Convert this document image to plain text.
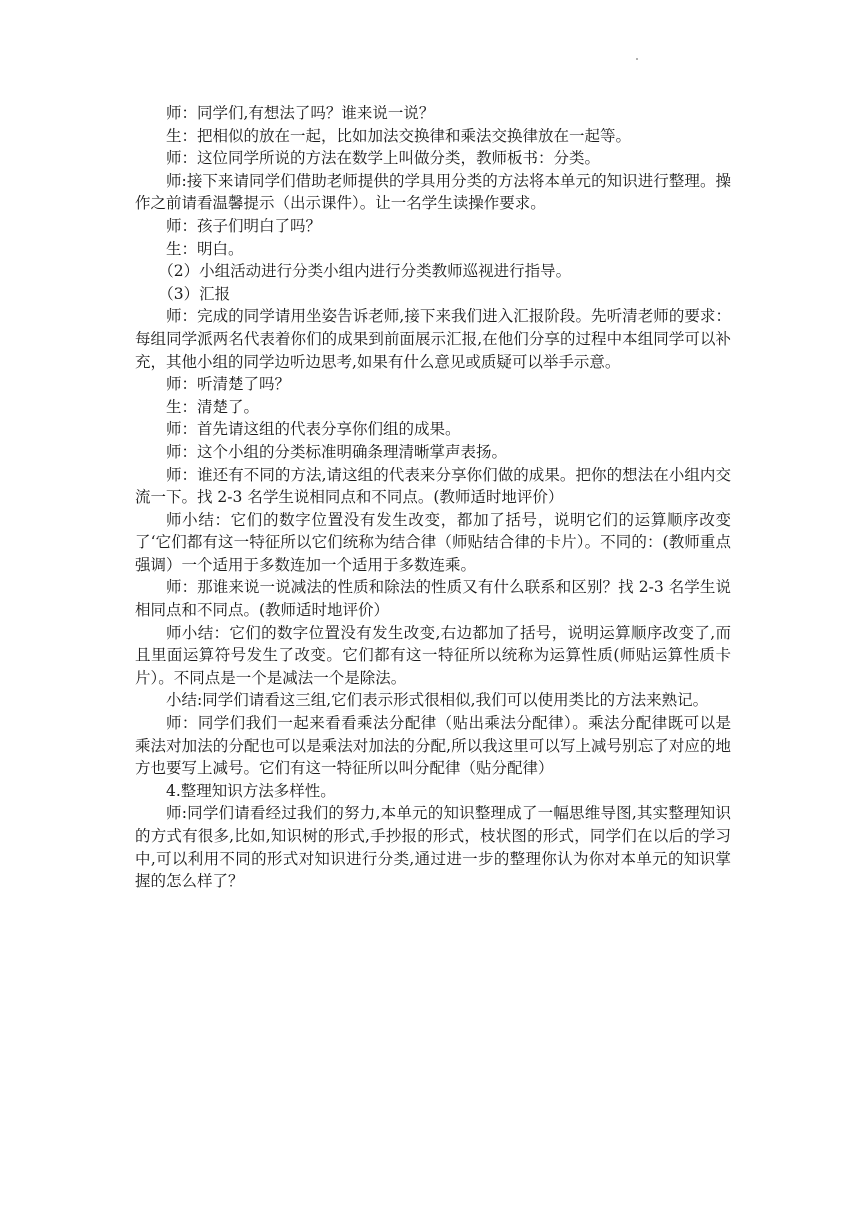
师：同学们,有想法了吗？谁来说一说？

生：把相似的放在一起，比如加法交换律和乘法交换律放在一起等。

师：这位同学所说的方法在数学上叫做分类，教师板书：分类。

师:接下来请同学们借助老师提供的学具用分类的方法将本单元的知识进行整理。操作之前请看温馨提示（出示课件）。让一名学生读操作要求。

师：孩子们明白了吗？

生：明白。

（2）小组活动进行分类小组内进行分类教师巡视进行指导。

（3）汇报

师：完成的同学请用坐姿告诉老师,接下来我们进入汇报阶段。先听清老师的要求：每组同学派两名代表着你们的成果到前面展示汇报,在他们分享的过程中本组同学可以补充，其他小组的同学边听边思考,如果有什么意见或质疑可以举手示意。

师：听清楚了吗？

生：清楚了。

师：首先请这组的代表分享你们组的成果。

师：这个小组的分类标准明确条理清晰掌声表扬。

师：谁还有不同的方法,请这组的代表来分享你们做的成果。把你的想法在小组内交流一下。找 2-3 名学生说相同点和不同点。(教师适时地评价）

师小结：它们的数字位置没有发生改变，都加了括号，说明它们的运算顺序改变了‘它们都有这一特征所以它们统称为结合律（师贴结合律的卡片）。不同的：(教师重点强调）一个适用于多数连加一个适用于多数连乘。

师：那谁来说一说减法的性质和除法的性质又有什么联系和区别？找 2-3 名学生说相同点和不同点。(教师适时地评价）

师小结：它们的数字位置没有发生改变,右边都加了括号，说明运算顺序改变了,而且里面运算符号发生了改变。它们都有这一特征所以统称为运算性质(师贴运算性质卡片）。不同点是一个是减法一个是除法。

小结:同学们请看这三组,它们表示形式很相似,我们可以使用类比的方法来熟记。

师：同学们我们一起来看看乘法分配律（贴出乘法分配律）。乘法分配律既可以是乘法对加法的分配也可以是乘法对加法的分配,所以我这里可以写上减号别忘了对应的地方也要写上减号。它们有这一特征所以叫分配律（贴分配律）

4.整理知识方法多样性。

师:同学们请看经过我们的努力,本单元的知识整理成了一幅思维导图,其实整理知识的方式有很多,比如,知识树的形式,手抄报的形式，枝状图的形式，同学们在以后的学习中,可以利用不同的形式对知识进行分类,通过进一步的整理你认为你对本单元的知识掌握的怎么样了？
